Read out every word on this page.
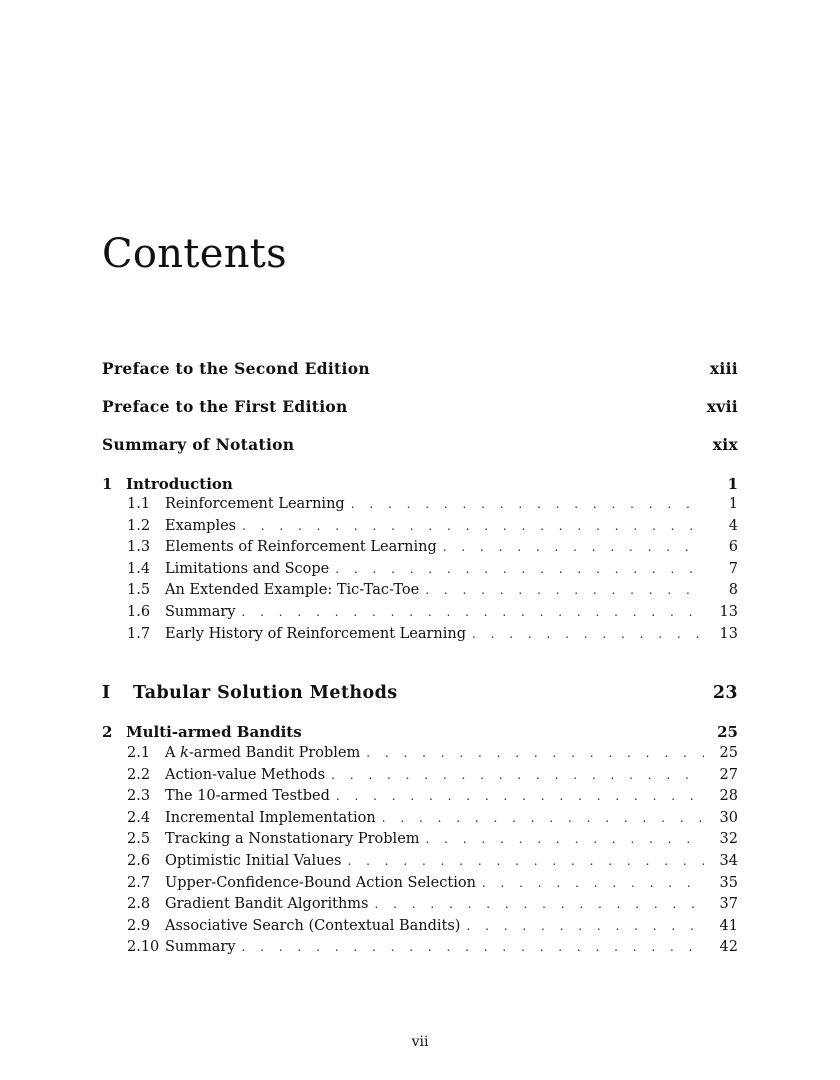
Contents
Preface to the Second Edition	xiii
Preface to the First Edition	xvii
Summary of Notation	xix
1 Introduction	1
1.1	Reinforcement Learning . . .	1
1.2	Examples . . .	4
1.3	Elements of Reinforcement Learning . . .	6
1.4	Limitations and Scope . . .	7
1.5	An Extended Example: Tic-Tac-Toe . . .	8
1.6	Summary . . .	13
1.7	Early History of Reinforcement Learning . . .	13
I Tabular Solution Methods	23
2 Multi-armed Bandits	25
2.1	A k-armed Bandit Problem . . .	25
2.2	Action-value Methods . . .	27
2.3	The 10-armed Testbed . . .	28
2.4	Incremental Implementation . . .	30
2.5	Tracking a Nonstationary Problem . . .	32
2.6	Optimistic Initial Values . . .	34
2.7	Upper-Confidence-Bound Action Selection . . .	35
2.8	Gradient Bandit Algorithms . . .	37
2.9	Associative Search (Contextual Bandits) . . .	41
2.10 Summary . . .	42
vii
